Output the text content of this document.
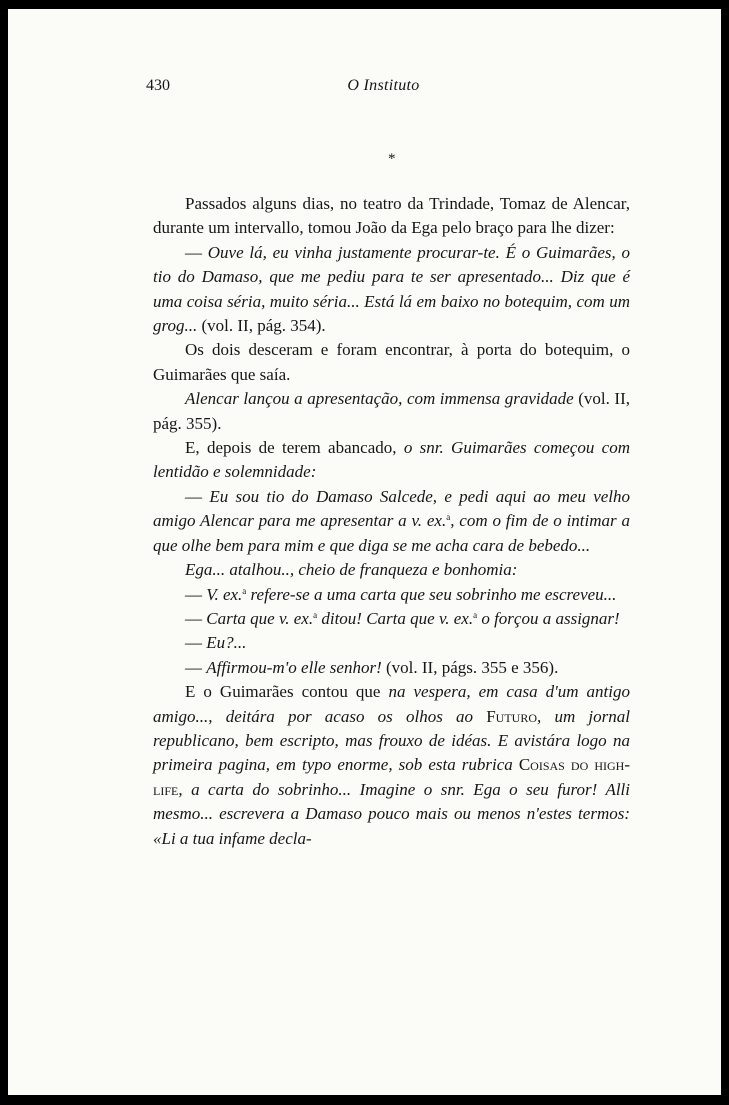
430	O Instituto
*

Passados alguns dias, no teatro da Trindade, Tomaz de Alencar, durante um intervallo, tomou João da Ega pelo braço para lhe dizer:

— Ouve lá, eu vinha justamente procurar-te. É o Guimarães, o tio do Damaso, que me pediu para te ser apresentado... Diz que é uma coisa séria, muito séria... Está lá em baixo no botequim, com um grog... (vol. II, pág. 354).

Os dois desceram e foram encontrar, à porta do botequim, o Guimarães que saía.

Alencar lançou a apresentação, com immensa gravidade (vol. II, pág. 355).

E, depois de terem abancado, o snr. Guimarães começou com lentidão e solemnidade:

— Eu sou tio do Damaso Salcede, e pedi aqui ao meu velho amigo Alencar para me apresentar a v. ex.$^a$, com o fim de o intimar a que olhe bem para mim e que diga se me acha cara de bebedo...

Ega... atalhou.., cheio de franqueza e bonhomia:

— V. ex.$^a$ refere-se a uma carta que seu sobrinho me escreveu...

— Carta que v. ex.$^a$ ditou! Carta que v. ex.$^a$ o forçou a assignar!

— Eu?...

— Affirmou-m'o elle senhor! (vol. II, págs. 355 e 356).

E o Guimarães contou que na vespera, em casa d'um antigo amigo..., deitára por acaso os olhos ao Futuro, um jornal republicano, bem escripto, mas frouxo de idéas. E avistára logo na primeira pagina, em typo enorme, sob esta rubrica Coisas do high-life, a carta do sobrinho... Imagine o snr. Ega o seu furor! Alli mesmo... escrevera a Damaso pouco mais ou menos n'estes termos: «Li a tua infame decla-
